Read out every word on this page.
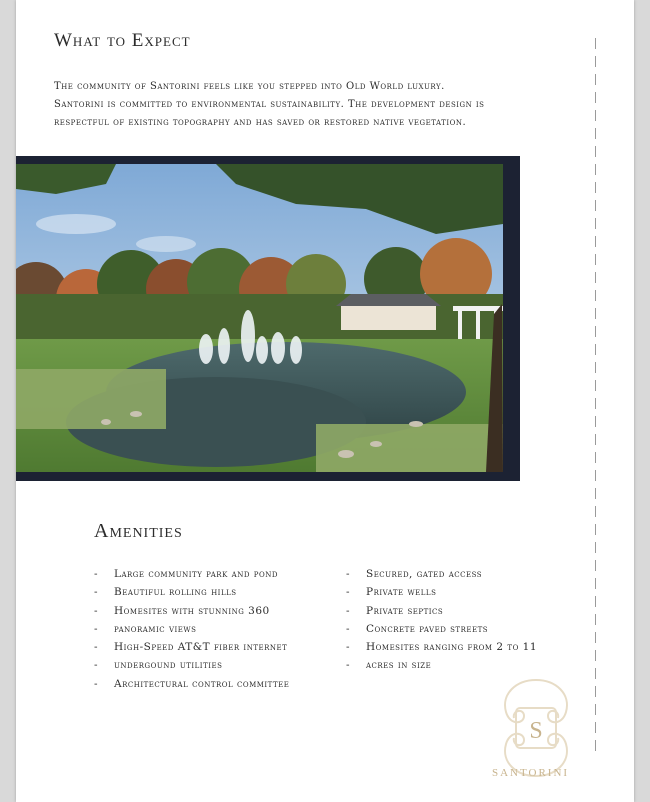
What to Expect
The community of Santorini feels like you stepped into Old World luxury.
Santorini is committed to environmental sustainability. The development design is
respectful of existing topography and has saved or restored native vegetation.
Amenities
- Large community park and pond
- Beautiful rolling hills
- Homesites with stunning 360
- panoramic views
- High-Speed AT&T fiber internet
- undergound utilities
- Architectural control committee
- Secured, gated access
- Private wells
- Private septics
- Concrete paved streets
- Homesites ranging from 2 to 11
- acres in size
S
SANTORINI
